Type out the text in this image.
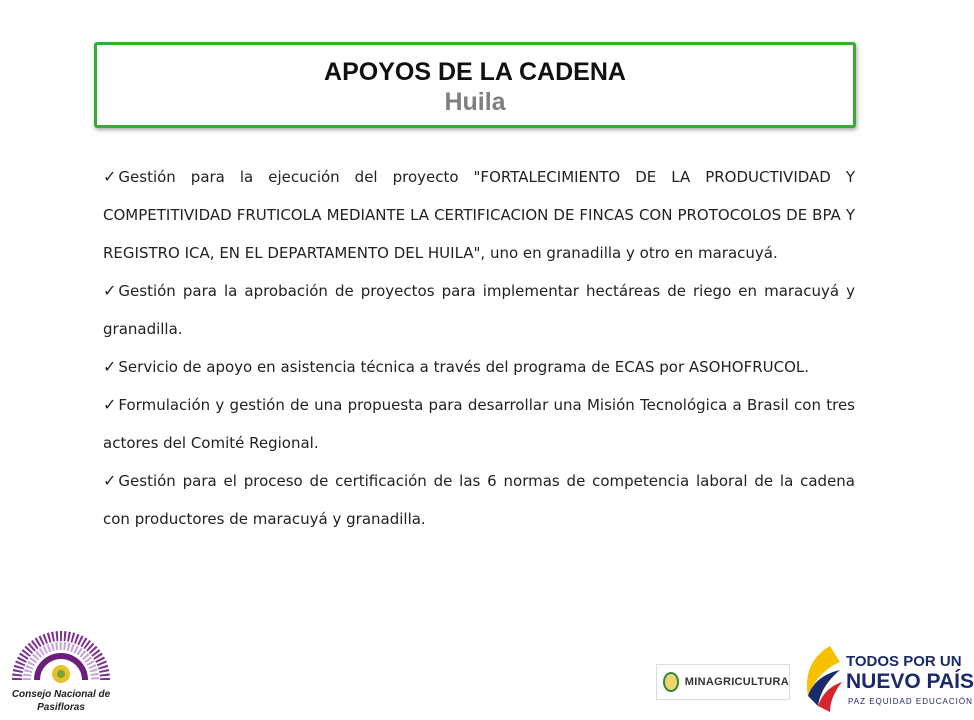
APOYOS DE LA CADENA
Huila
✓ Gestión para la ejecución del proyecto "FORTALECIMIENTO DE LA PRODUCTIVIDAD Y COMPETITIVIDAD FRUTICOLA MEDIANTE LA CERTIFICACION DE FINCAS CON PROTOCOLOS DE BPA Y REGISTRO ICA, EN EL DEPARTAMENTO DEL HUILA", uno en granadilla y otro en maracuyá.
✓ Gestión para la aprobación de proyectos para implementar hectáreas de riego en maracuyá y granadilla.
✓ Servicio de apoyo en asistencia técnica a través del programa de ECAS por ASOHOFRUCOL.
✓ Formulación y gestión de una propuesta para desarrollar una Misión Tecnológica a Brasil con tres actores del Comité Regional.
✓ Gestión para el proceso de certificación de las 6 normas de competencia laboral de la cadena con productores de maracuyá y granadilla.
Consejo Nacional de
Pasifloras
MINAGRICULTURA
TODOS POR UN
NUEVO PAÍS
PAZ EQUIDAD EDUCACIÓN
